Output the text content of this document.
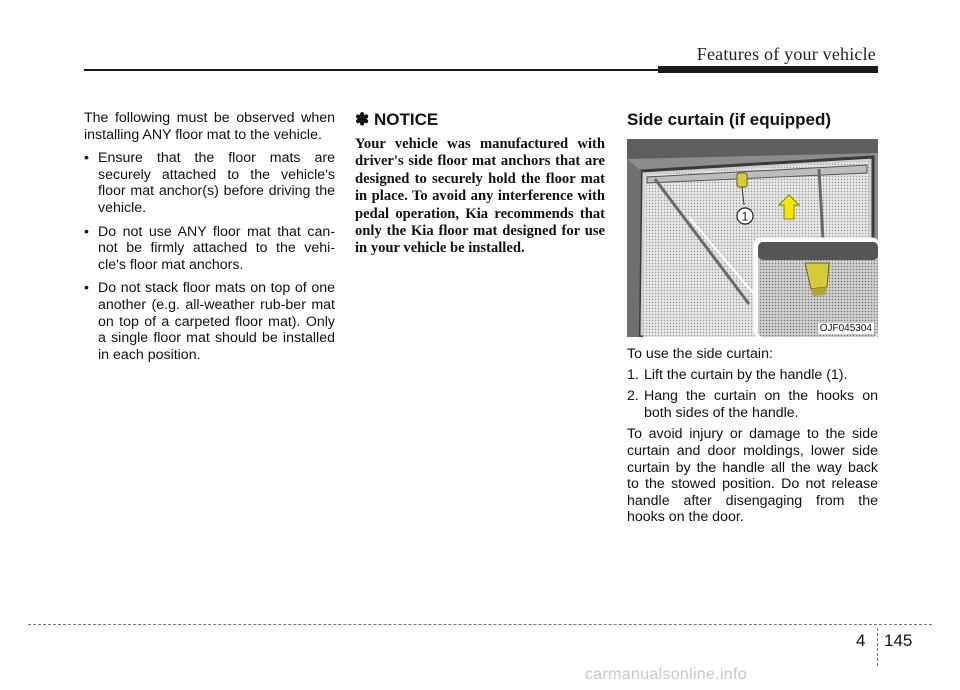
Features of your vehicle

The following must be observed when installing ANY floor mat to the vehicle.

• Ensure that the floor mats are securely attached to the vehicle's floor mat anchor(s) before driving the vehicle.
• Do not use ANY floor mat that can-not be firmly attached to the vehi-cle's floor mat anchors.
• Do not stack floor mats on top of one another (e.g. all-weather rub-ber mat on top of a carpeted floor mat). Only a single floor mat should be installed in each position.

✽ NOTICE

Your vehicle was manufactured with driver's side floor mat anchors that are designed to securely hold the floor mat in place. To avoid any interference with pedal operation, Kia recommends that only the Kia floor mat designed for use in your vehicle be installed.

Side curtain (if equipped)

1
OJF045304

To use the side curtain:

1. Lift the curtain by the handle (1).
2. Hang the curtain on the hooks on both sides of the handle.

To avoid injury or damage to the side curtain and door moldings, lower side curtain by the handle all the way back to the stowed position. Do not release handle after disengaging from the hooks on the door.

4 145
carmanualsonline.info
